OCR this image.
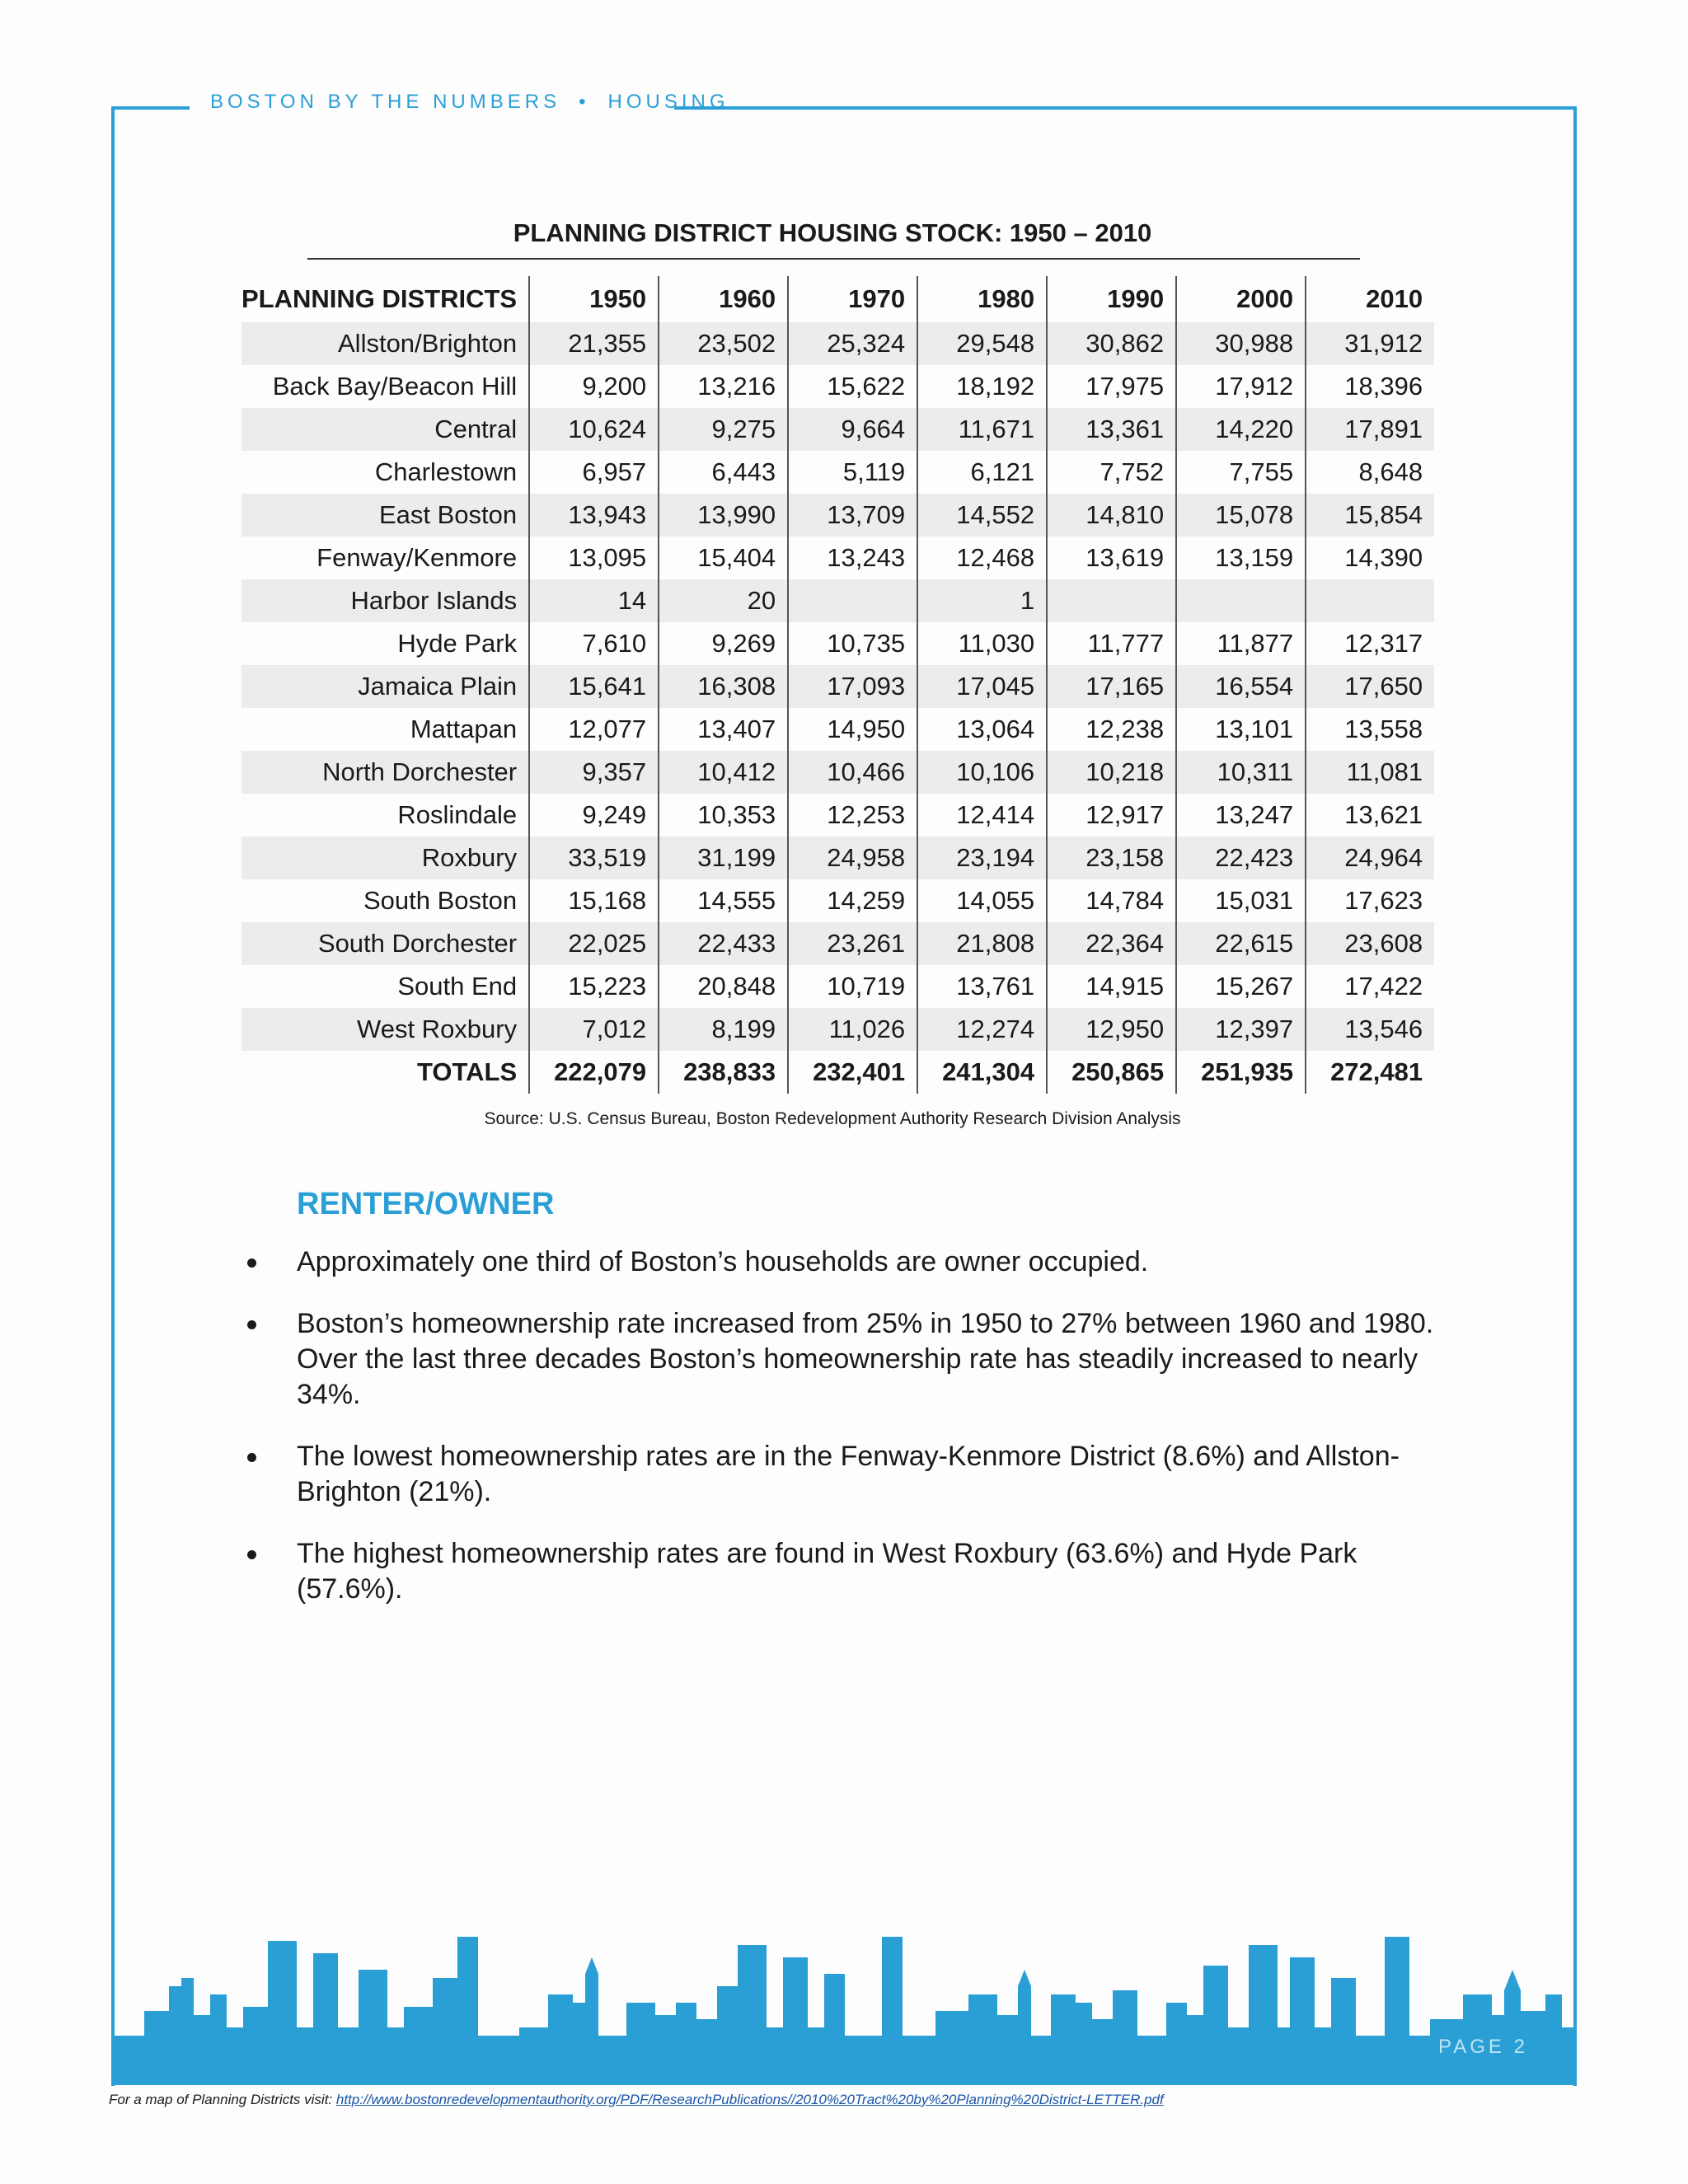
BOSTON BY THE NUMBERS • HOUSING
PLANNING DISTRICT HOUSING STOCK: 1950 – 2010
PLANNING DISTRICTS	1950	1960	1970	1980	1990	2000	2010
Allston/Brighton	21,355	23,502	25,324	29,548	30,862	30,988	31,912
Back Bay/Beacon Hill	9,200	13,216	15,622	18,192	17,975	17,912	18,396
Central	10,624	9,275	9,664	11,671	13,361	14,220	17,891
Charlestown	6,957	6,443	5,119	6,121	7,752	7,755	8,648
East Boston	13,943	13,990	13,709	14,552	14,810	15,078	15,854
Fenway/Kenmore	13,095	15,404	13,243	12,468	13,619	13,159	14,390
Harbor Islands	14	20		1			
Hyde Park	7,610	9,269	10,735	11,030	11,777	11,877	12,317
Jamaica Plain	15,641	16,308	17,093	17,045	17,165	16,554	17,650
Mattapan	12,077	13,407	14,950	13,064	12,238	13,101	13,558
North Dorchester	9,357	10,412	10,466	10,106	10,218	10,311	11,081
Roslindale	9,249	10,353	12,253	12,414	12,917	13,247	13,621
Roxbury	33,519	31,199	24,958	23,194	23,158	22,423	24,964
South Boston	15,168	14,555	14,259	14,055	14,784	15,031	17,623
South Dorchester	22,025	22,433	23,261	21,808	22,364	22,615	23,608
South End	15,223	20,848	10,719	13,761	14,915	15,267	17,422
West Roxbury	7,012	8,199	11,026	12,274	12,950	12,397	13,546
TOTALS	222,079	238,833	232,401	241,304	250,865	251,935	272,481
Source: U.S. Census Bureau, Boston Redevelopment Authority Research Division Analysis
RENTER/OWNER
Approximately one third of Boston’s households are owner occupied.
Boston’s homeownership rate increased from 25% in 1950 to 27% between 1960 and 1980. Over the last three decades Boston’s homeownership rate has steadily increased to nearly 34%.
The lowest homeownership rates are in the Fenway-Kenmore District (8.6%) and Allston-Brighton (21%).
The highest homeownership rates are found in West Roxbury (63.6%) and Hyde Park (57.6%).
PAGE 2
For a map of Planning Districts visit: http://www.bostonredevelopmentauthority.org/PDF/ResearchPublications//2010%20Tract%20by%20Planning%20District-LETTER.pdf
